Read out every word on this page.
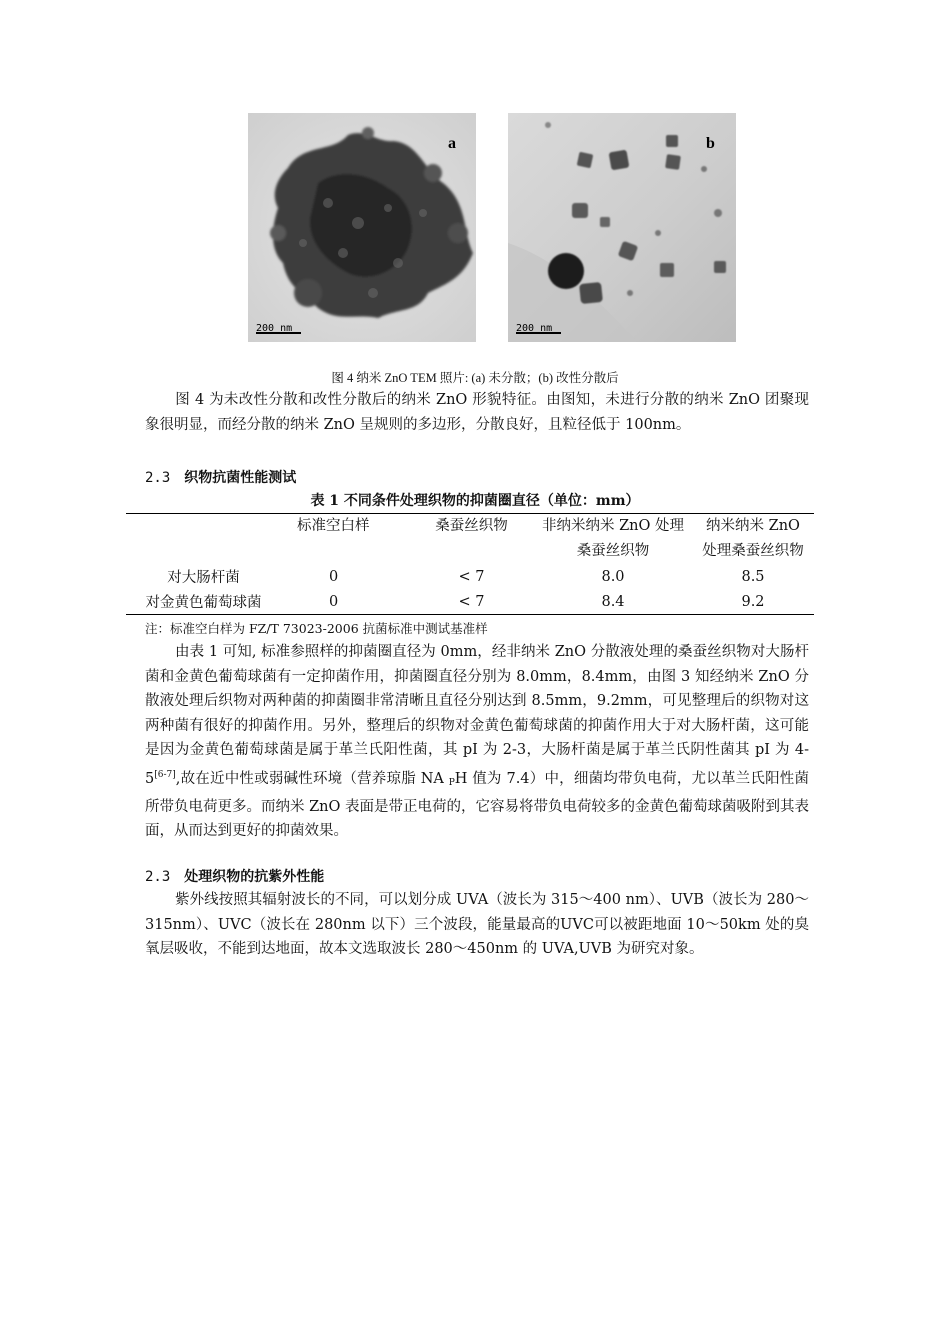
a
200 nm
b
200 nm
图 4 纳米 ZnO TEM 照片: (a) 未分散；(b) 改性分散后
图 4 为未改性分散和改性分散后的纳米 ZnO 形貌特征。由图知，未进行分散的纳米 ZnO 团聚现象很明显，而经分散的纳米 ZnO 呈规则的多边形，分散良好，且粒径低于 100nm。
2.3 织物抗菌性能测试
表 1 不同条件处理织物的抑菌圈直径（单位：mm）
	标准空白样	桑蚕丝织物	非纳米纳米 ZnO 处理桑蚕丝织物	纳米纳米 ZnO 处理桑蚕丝织物
对大肠杆菌	0	< 7	8.0	8.5
对金黄色葡萄球菌	0	< 7	8.4	9.2
注：标准空白样为 FZ/T 73023-2006 抗菌标准中测试基准样
由表 1 可知, 标准参照样的抑菌圈直径为 0mm，经非纳米 ZnO 分散液处理的桑蚕丝织物对大肠杆菌和金黄色葡萄球菌有一定抑菌作用，抑菌圈直径分别为 8.0mm，8.4mm，由图 3 知经纳米 ZnO 分散液处理后织物对两种菌的抑菌圈非常清晰且直径分别达到 8.5mm，9.2mm，可见整理后的织物对这两种菌有很好的抑菌作用。另外，整理后的织物对金黄色葡萄球菌的抑菌作用大于对大肠杆菌，这可能是因为金黄色葡萄球菌是属于革兰氏阳性菌，其 pI 为 2-3，大肠杆菌是属于革兰氏阴性菌其 pI 为 4-5[6-7],故在近中性或弱碱性环境（营养琼脂 NA $_P$H 值为 7.4）中，细菌均带负电荷，尤以革兰氏阳性菌所带负电荷更多。而纳米 ZnO 表面是带正电荷的，它容易将带负电荷较多的金黄色葡萄球菌吸附到其表面，从而达到更好的抑菌效果。
2.3 处理织物的抗紫外性能
紫外线按照其辐射波长的不同，可以划分成 UVA（波长为 315～400 nm）、UVB（波长为 280～315nm）、UVC（波长在 280nm 以下）三个波段，能量最高的UVC可以被距地面 10～50km 处的臭氧层吸收，不能到达地面，故本文选取波长 280～450nm 的 UVA,UVB 为研究对象。
